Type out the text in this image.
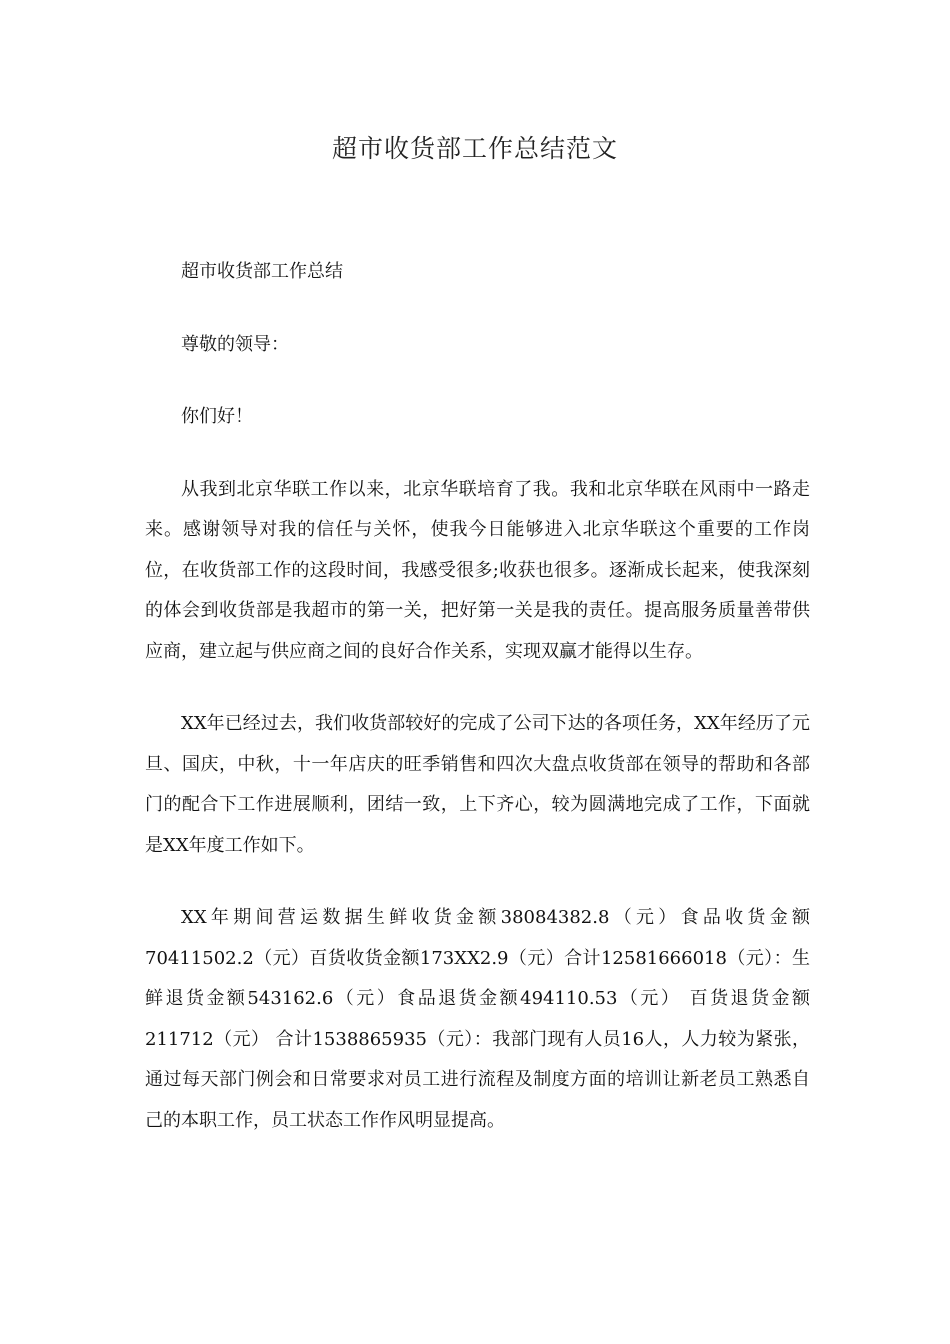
超市收货部工作总结范文

超市收货部工作总结

尊敬的领导：

你们好！

从我到北京华联工作以来，北京华联培育了我。我和北京华联在风雨中一路走来。感谢领导对我的信任与关怀，使我今日能够进入北京华联这个重要的工作岗位，在收货部工作的这段时间，我感受很多;收获也很多。逐渐成长起来，使我深刻的体会到收货部是我超市的第一关，把好第一关是我的责任。提高服务质量善带供应商，建立起与供应商之间的良好合作关系，实现双赢才能得以生存。

XX年已经过去，我们收货部较好的完成了公司下达的各项任务，XX年经历了元旦、国庆，中秋，十一年店庆的旺季销售和四次大盘点收货部在领导的帮助和各部门的配合下工作进展顺利，团结一致，上下齐心，较为圆满地完成了工作，下面就是XX年度工作如下。

XX年期间营运数据生鲜收货金额38084382.8（元）食品收货金额70411502.2（元）百货收货金额173XX2.9（元）合计12581666018（元）：生鲜退货金额543162.6（元）食品退货金额494110.53（元） 百货退货金额211712（元） 合计1538865935（元）：我部门现有人员16人，人力较为紧张，通过每天部门例会和日常要求对员工进行流程及制度方面的培训让新老员工熟悉自己的本职工作，员工状态工作作风明显提高。
